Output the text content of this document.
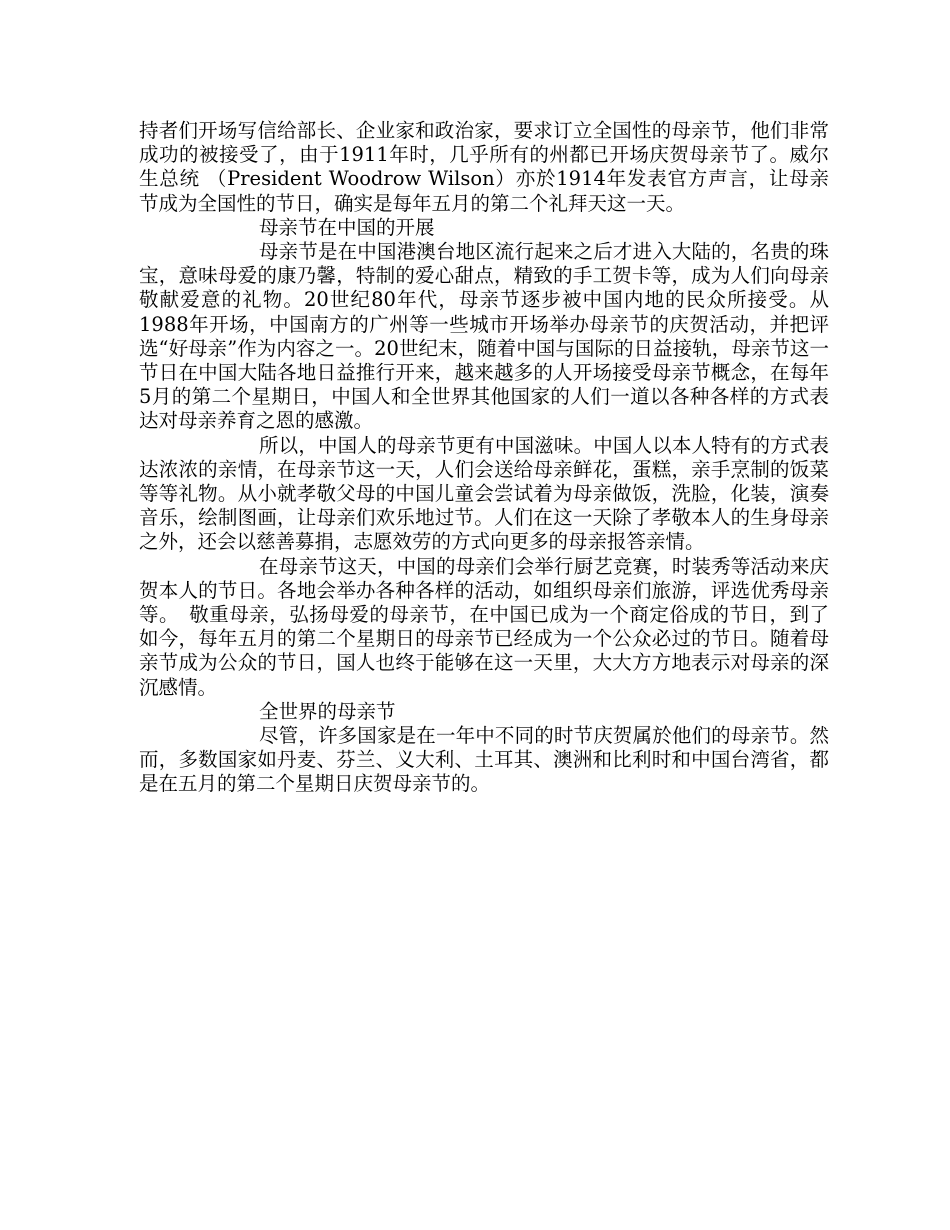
持者们开场写信给部长、企业家和政治家，要求订立全国性的母亲节，他们非常成功的被接受了，由于1911年时，几乎所有的州都已开场庆贺母亲节了。威尔生总统 （President Woodrow Wilson）亦於1914年发表官方声言，让母亲节成为全国性的节日，确实是每年五月的第二个礼拜天这一天。

母亲节在中国的开展

母亲节是在中国港澳台地区流行起来之后才进入大陆的，名贵的珠宝，意味母爱的康乃馨，特制的爱心甜点，精致的手工贺卡等，成为人们向母亲敬献爱意的礼物。20世纪80年代，母亲节逐步被中国内地的民众所接受。从1988年开场，中国南方的广州等一些城市开场举办母亲节的庆贺活动，并把评选“好母亲”作为内容之一。20世纪末，随着中国与国际的日益接轨，母亲节这一节日在中国大陆各地日益推行开来，越来越多的人开场接受母亲节概念，在每年5月的第二个星期日，中国人和全世界其他国家的人们一道以各种各样的方式表达对母亲养育之恩的感激。

所以，中国人的母亲节更有中国滋味。中国人以本人特有的方式表达浓浓的亲情，在母亲节这一天，人们会送给母亲鲜花，蛋糕，亲手烹制的饭菜等等礼物。从小就孝敬父母的中国儿童会尝试着为母亲做饭，洗脸，化装，演奏音乐，绘制图画，让母亲们欢乐地过节。人们在这一天除了孝敬本人的生身母亲之外，还会以慈善募捐，志愿效劳的方式向更多的母亲报答亲情。

在母亲节这天，中国的母亲们会举行厨艺竞赛，时装秀等活动来庆贺本人的节日。各地会举办各种各样的活动，如组织母亲们旅游，评选优秀母亲等。　敬重母亲，弘扬母爱的母亲节，在中国已成为一个商定俗成的节日，到了如今，每年五月的第二个星期日的母亲节已经成为一个公众必过的节日。随着母亲节成为公众的节日，国人也终于能够在这一天里，大大方方地表示对母亲的深沉感情。

全世界的母亲节

尽管，许多国家是在一年中不同的时节庆贺属於他们的母亲节。然而，多数国家如丹麦、芬兰、义大利、土耳其、澳洲和比利时和中国台湾省，都是在五月的第二个星期日庆贺母亲节的。
